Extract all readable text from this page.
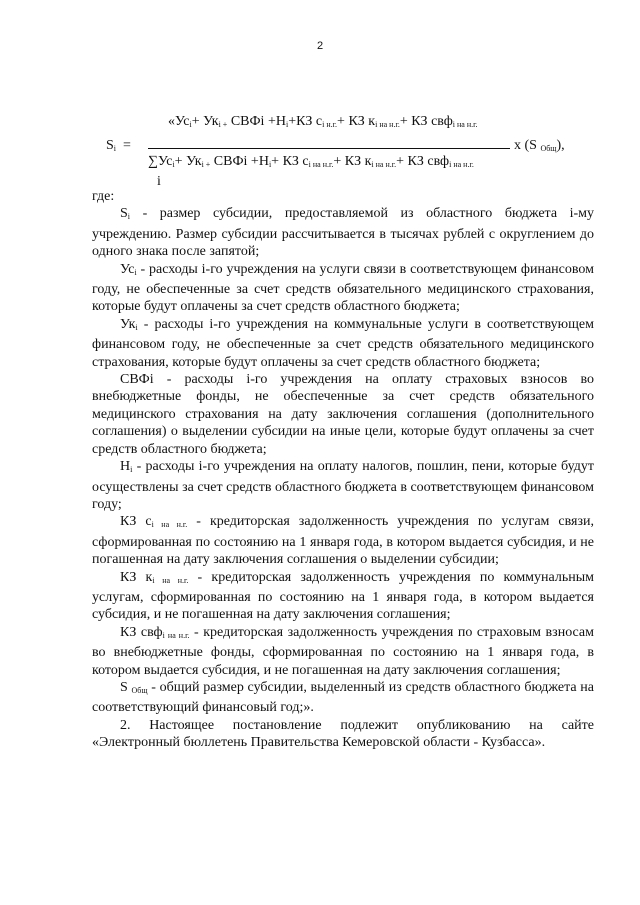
2
$S_i$ =
«$Ус_i+ Ук_{i +}$ СВФi $+Н_i+КЗ$ $с_{i н.г.}+$ КЗ $к_{i на н.г.}+$ КЗ свф$_{i на н.г.}$
$\sum Ус_i+ Ук_{i +}$ СВФi $+Н_i+$ КЗ $с_{i на н.г.}+$ КЗ $к_{i на н.г.}+$ КЗ свф$_{i на н.г.}$
i
x (S $_{Общ}$),

где:

$S_i$ - размер субсидии, предоставляемой из областного бюджета i-му учреждению. Размер субсидии рассчитывается в тысячах рублей с округлением до одного знака после запятой;

$Ус_i$ - расходы i-го учреждения на услуги связи в соответствующем финансовом году, не обеспеченные за счет средств обязательного медицинского страхования, которые будут оплачены за счет средств областного бюджета;

$Ук_i$ - расходы i-го учреждения на коммунальные услуги в соответствующем финансовом году, не обеспеченные за счет средств обязательного медицинского страхования, которые будут оплачены за счет средств областного бюджета;

СВФi - расходы i-го учреждения на оплату страховых взносов во внебюджетные фонды, не обеспеченные за счет средств обязательного медицинского страхования на дату заключения соглашения (дополнительного соглашения) о выделении субсидии на иные цели, которые будут оплачены за счет средств областного бюджета;

$Н_i$ - расходы i-го учреждения на оплату налогов, пошлин, пени, которые будут осуществлены за счет средств областного бюджета в соответствующем финансовом году;

КЗ $с_{i на н.г.}$ - кредиторская задолженность учреждения по услугам связи, сформированная по состоянию на 1 января года, в котором выдается субсидия, и не погашенная на дату заключения соглашения о выделении субсидии;

КЗ $к_{i на н.г.}$ - кредиторская задолженность учреждения по коммунальным услугам, сформированная по состоянию на 1 января года, в котором выдается субсидия, и не погашенная на дату заключения соглашения;

КЗ свф$_{i на н.г.}$ - кредиторская задолженность учреждения по страховым взносам во внебюджетные фонды, сформированная по состоянию на 1 января года, в котором выдается субсидия, и не погашенная на дату заключения соглашения;

S $_{Общ}$ - общий размер субсидии, выделенный из средств областного бюджета на соответствующий финансовый год;».

2. Настоящее постановление подлежит опубликованию на сайте «Электронный бюллетень Правительства Кемеровской области - Кузбасса».
